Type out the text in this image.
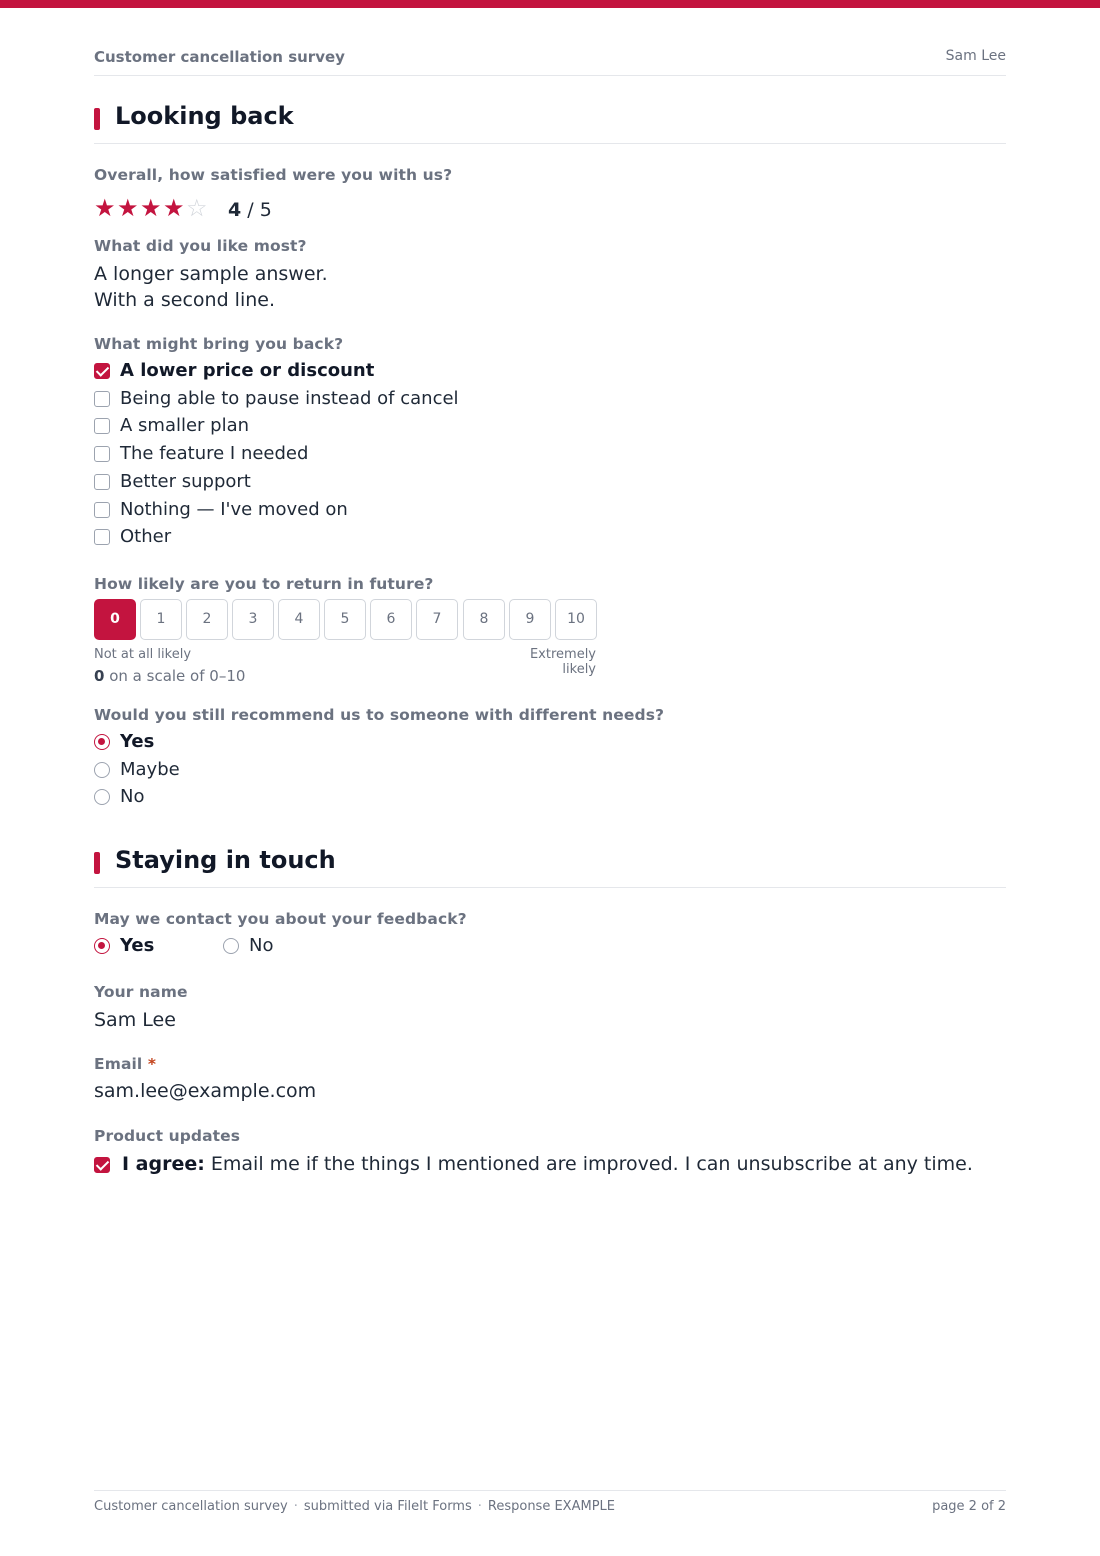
Customer cancellation survey	Sam Lee
Looking back
Overall, how satisfied were you with us?
★ ★ ★ ★ ☆ 4 / 5
What did you like most?
A longer sample answer.
With a second line.
What might bring you back?
A lower price or discount
Being able to pause instead of cancel
A smaller plan
The feature I needed
Better support
Nothing — I've moved on
Other
How likely are you to return in future?
0	1	2	3	4	5	6	7	8	9	10
Not at all likely	Extremely likely
0 on a scale of 0–10
Would you still recommend us to someone with different needs?
Yes
Maybe
No
Staying in touch
May we contact you about your feedback?
Yes	No
Your name
Sam Lee
Email *
sam.lee@example.com
Product updates
I agree: Email me if the things I mentioned are improved. I can unsubscribe at any time.
Customer cancellation survey · submitted via FileIt Forms · Response EXAMPLE	page 2 of 2
